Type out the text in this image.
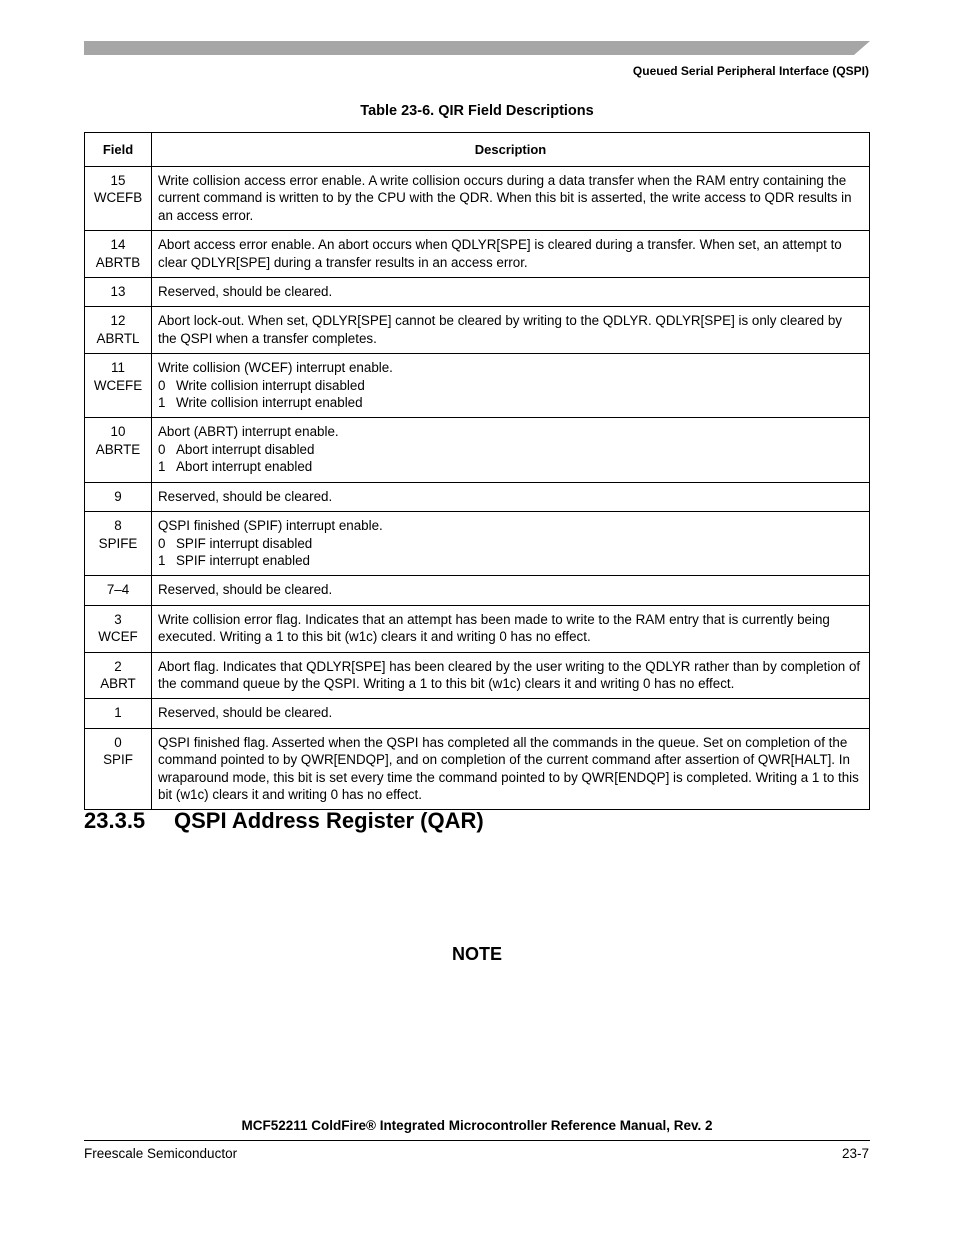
Queued Serial Peripheral Interface (QSPI)
Table 23-6. QIR Field Descriptions
Field	Description

15
WCEFB	Write collision access error enable. A write collision occurs during a data transfer when the RAM entry containing the current command is written to by the CPU with the QDR. When this bit is asserted, the write access to QDR results in an access error.

14
ABRTB	Abort access error enable. An abort occurs when QDLYR[SPE] is cleared during a transfer. When set, an attempt to clear QDLYR[SPE] during a transfer results in an access error.

13	Reserved, should be cleared.

12
ABRTL	Abort lock-out. When set, QDLYR[SPE] cannot be cleared by writing to the QDLYR. QDLYR[SPE] is only cleared by the QSPI when a transfer completes.

11
WCEFE	Write collision (WCEF) interrupt enable.
0 Write collision interrupt disabled
1 Write collision interrupt enabled

10
ABRTE	Abort (ABRT) interrupt enable.
0 Abort interrupt disabled
1 Abort interrupt enabled

9	Reserved, should be cleared.

8
SPIFE	QSPI finished (SPIF) interrupt enable.
0 SPIF interrupt disabled
1 SPIF interrupt enabled

7–4	Reserved, should be cleared.

3
WCEF	Write collision error flag. Indicates that an attempt has been made to write to the RAM entry that is currently being executed. Writing a 1 to this bit (w1c) clears it and writing 0 has no effect.

2
ABRT	Abort flag. Indicates that QDLYR[SPE] has been cleared by the user writing to the QDLYR rather than by completion of the command queue by the QSPI. Writing a 1 to this bit (w1c) clears it and writing 0 has no effect.

1	Reserved, should be cleared.

0
SPIF	QSPI finished flag. Asserted when the QSPI has completed all the commands in the queue. Set on completion of the command pointed to by QWR[ENDQP], and on completion of the current command after assertion of QWR[HALT]. In wraparound mode, this bit is set every time the command pointed to by QWR[ENDQP] is completed. Writing a 1 to this bit (w1c) clears it and writing 0 has no effect.
23.3.5 QSPI Address Register (QAR)
NOTE
MCF52211 ColdFire® Integrated Microcontroller Reference Manual, Rev. 2
Freescale Semiconductor	23-7
